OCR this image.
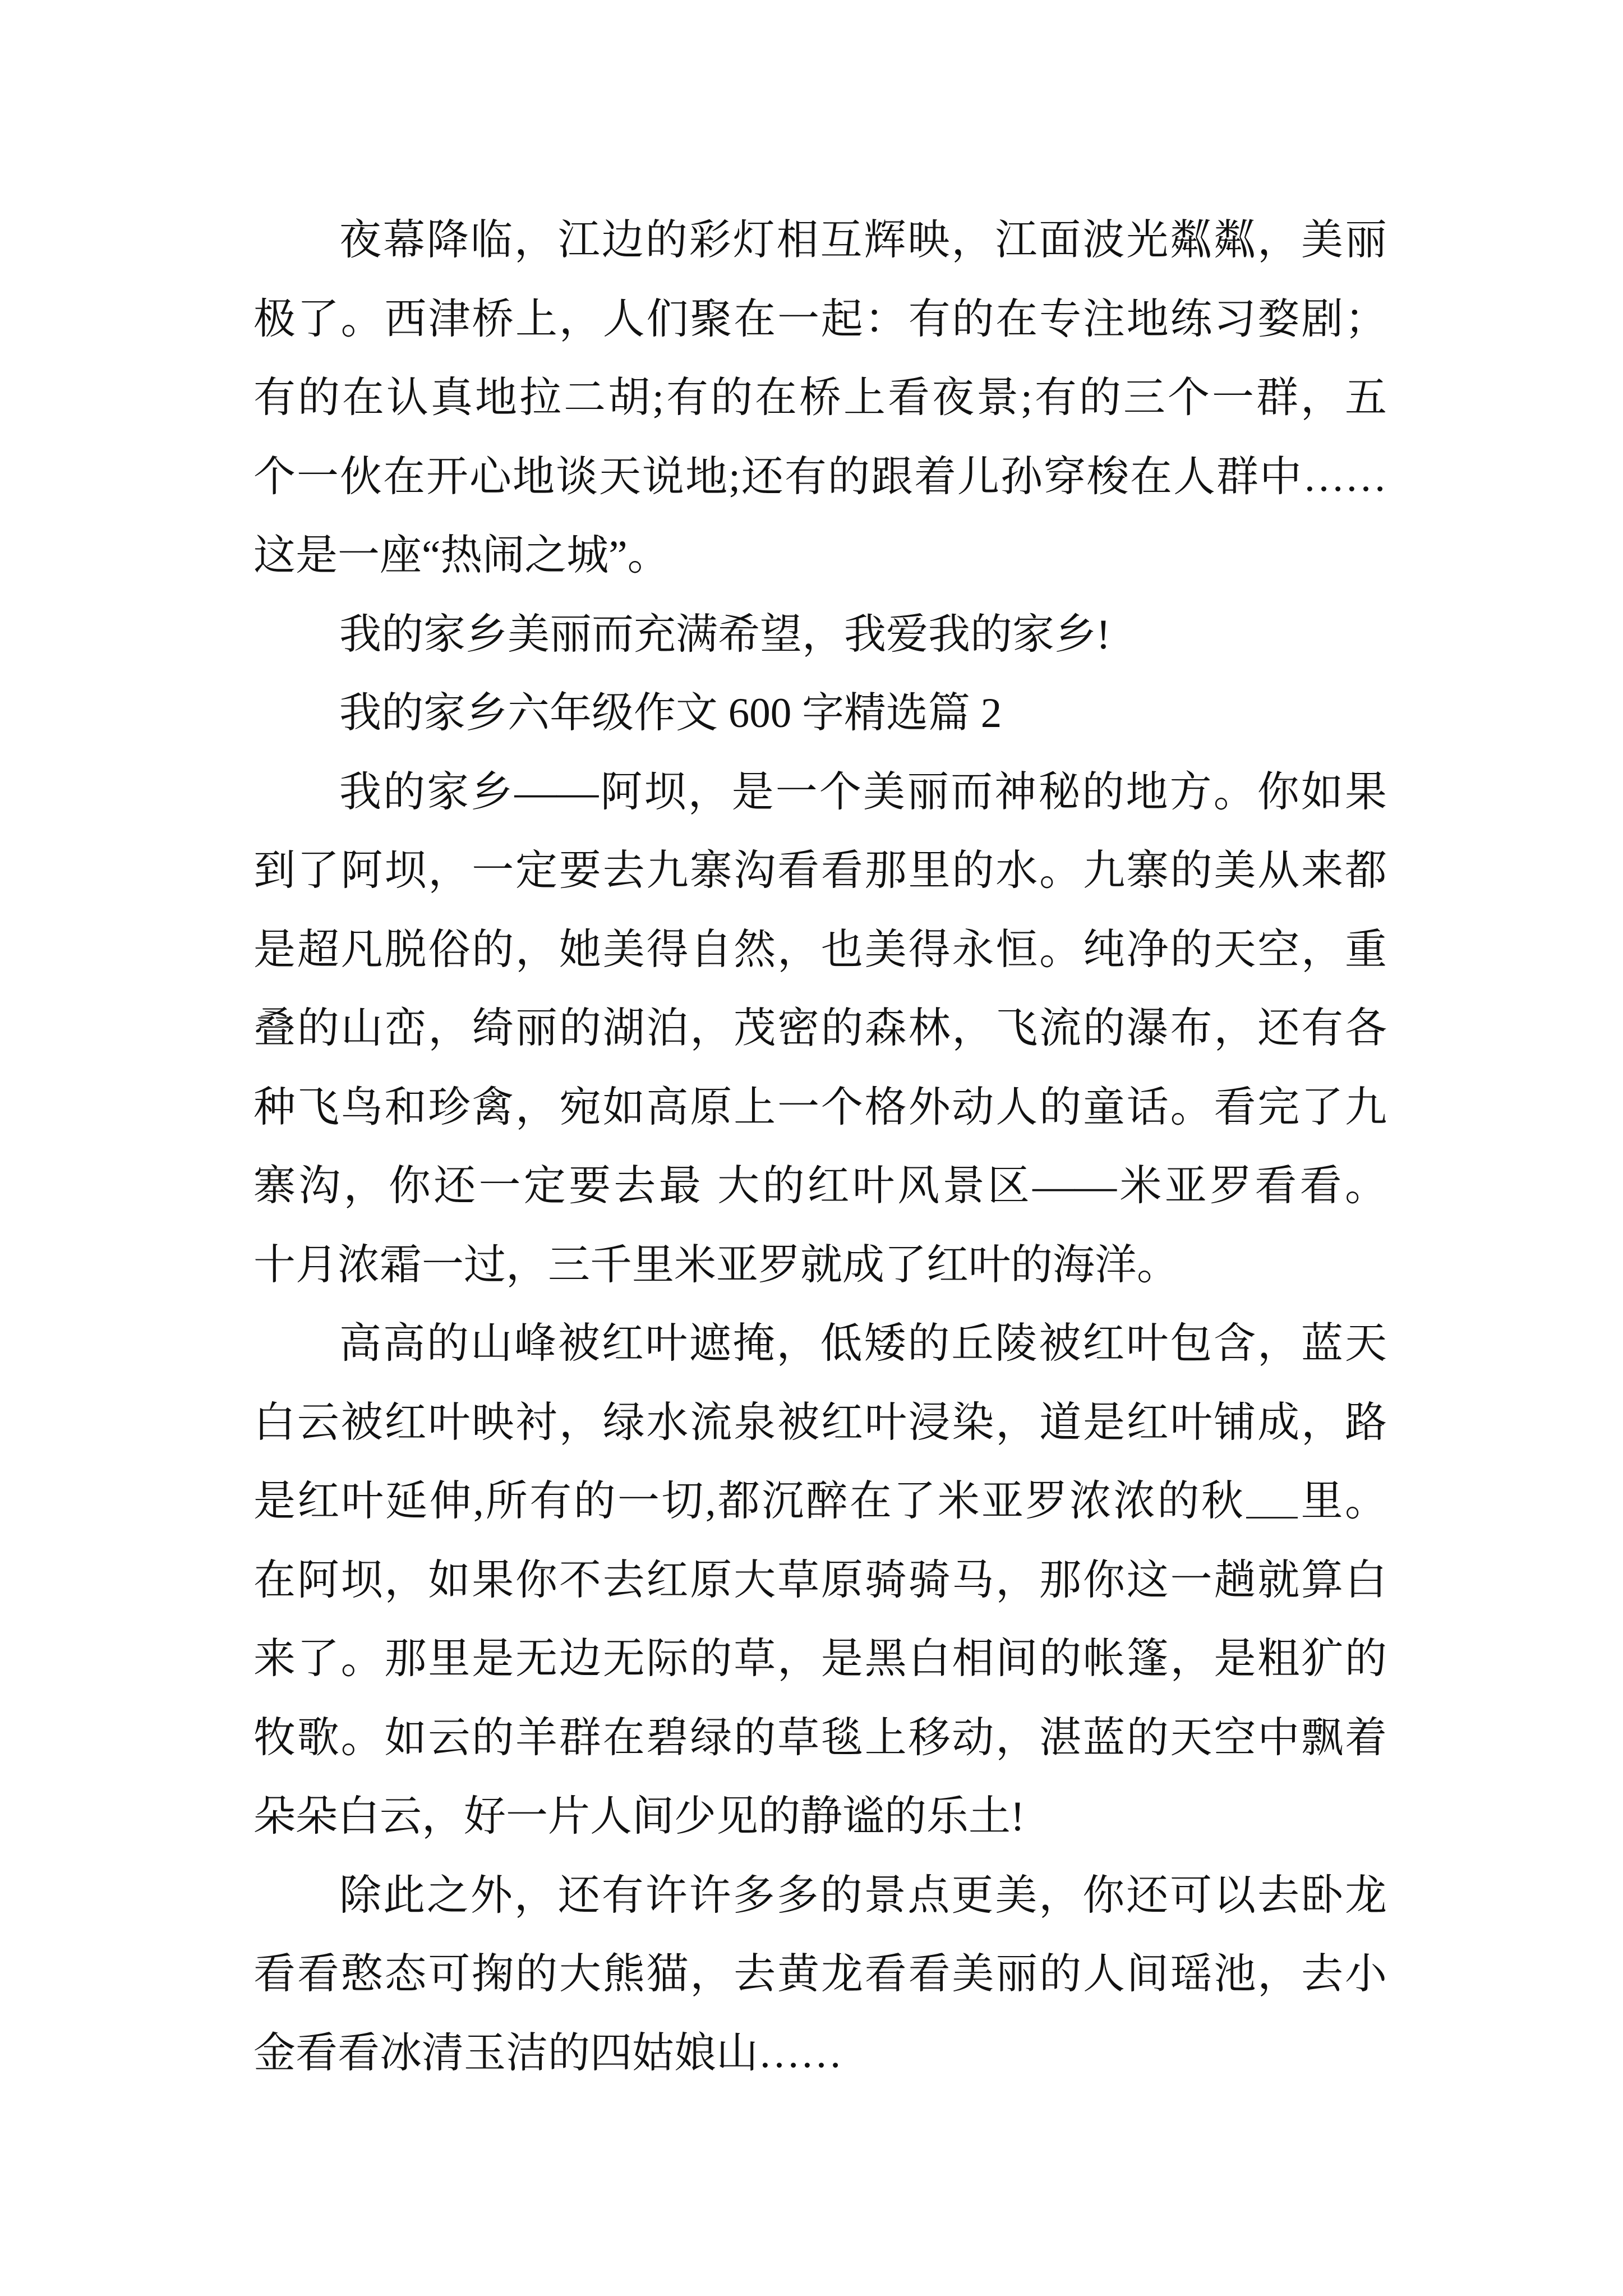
夜幕降临，江边的彩灯相互辉映，江面波光粼粼，美丽
极了。西津桥上，人们聚在一起：有的在专注地练习婺剧；
有的在认真地拉二胡;有的在桥上看夜景;有的三个一群，五
个一伙在开心地谈天说地;还有的跟着儿孙穿梭在人群中……
这是一座“热闹之城”。
我的家乡美丽而充满希望，我爱我的家乡!
我的家乡六年级作文 600 字精选篇 2
我的家乡——阿坝，是一个美丽而神秘的地方。你如果
到了阿坝，一定要去九寨沟看看那里的水。九寨的美从来都
是超凡脱俗的，她美得自然，也美得永恒。纯净的天空，重
叠的山峦，绮丽的湖泊，茂密的森林，飞流的瀑布，还有各
种飞鸟和珍禽，宛如高原上一个格外动人的童话。看完了九
寨沟，你还一定要去最 大的红叶风景区——米亚罗看看。
十月浓霜一过，三千里米亚罗就成了红叶的海洋。
高高的山峰被红叶遮掩，低矮的丘陵被红叶包含，蓝天
白云被红叶映衬，绿水流泉被红叶浸染，道是红叶铺成，路
是红叶延伸,所有的一切,都沉醉在了米亚罗浓浓的秋 里。
在阿坝，如果你不去红原大草原骑骑马，那你这一趟就算白
来了。那里是无边无际的草，是黑白相间的帐篷，是粗犷的
牧歌。如云的羊群在碧绿的草毯上移动，湛蓝的天空中飘着
朵朵白云，好一片人间少见的静谧的乐土!
除此之外，还有许许多多的景点更美，你还可以去卧龙
看看憨态可掬的大熊猫，去黄龙看看美丽的人间瑶池，去小
金看看冰清玉洁的四姑娘山……
